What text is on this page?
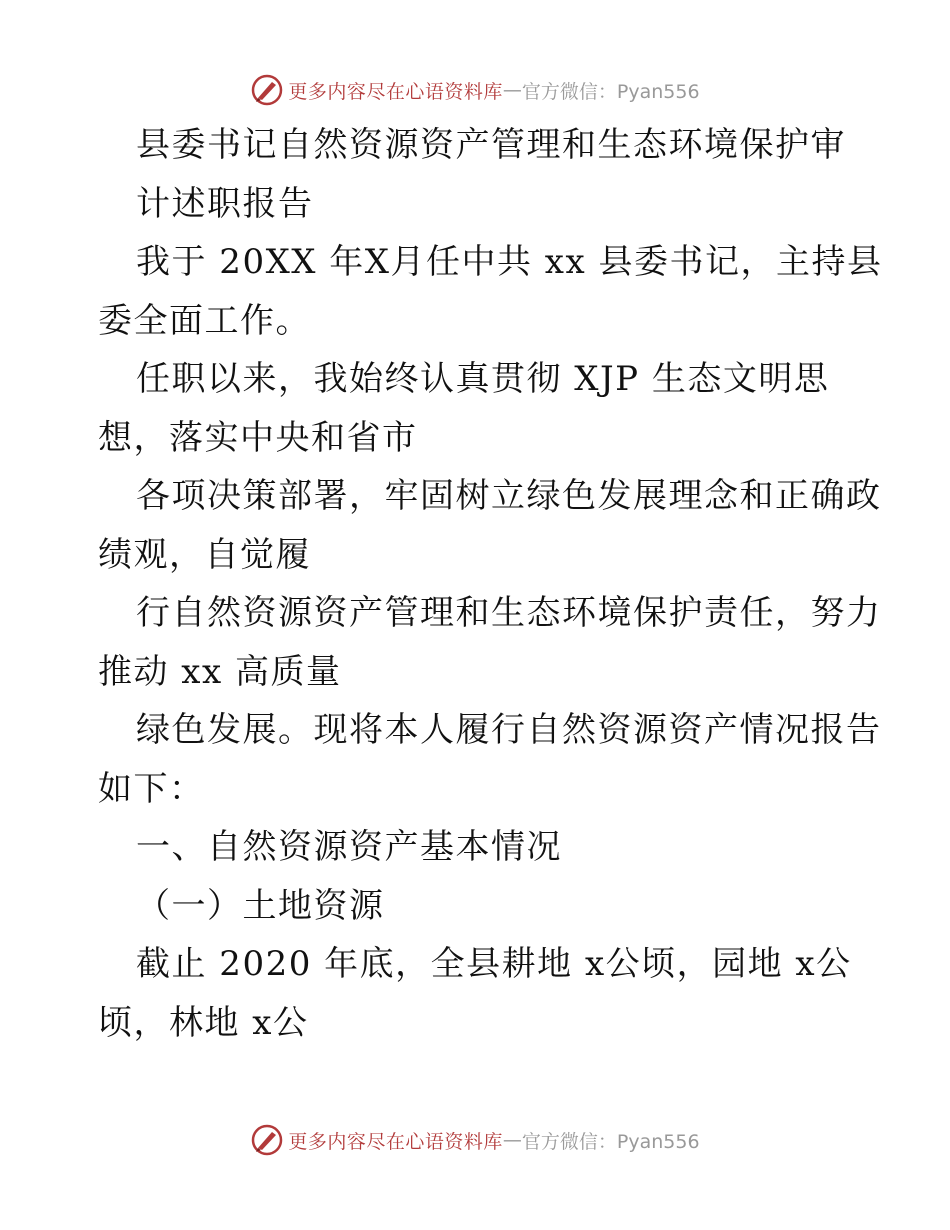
更多内容尽在心语资料库 — 官方微信：Pyan556
县委书记自然资源资产管理和生态环境保护审
计述职报告
我于 20XX 年X月任中共 xx 县委书记，主持县
委全面工作。
任职以来，我始终认真贯彻 XJP 生态文明思
想，落实中央和省市
各项决策部署，牢固树立绿色发展理念和正确政
绩观，自觉履
行自然资源资产管理和生态环境保护责任，努力
推动 xx 高质量
绿色发展。现将本人履行自然资源资产情况报告
如下：
一、自然资源资产基本情况
（一）土地资源
截止 2020 年底，全县耕地 x公顷，园地 x公
顷，林地 x公
更多内容尽在心语资料库 — 官方微信：Pyan556
